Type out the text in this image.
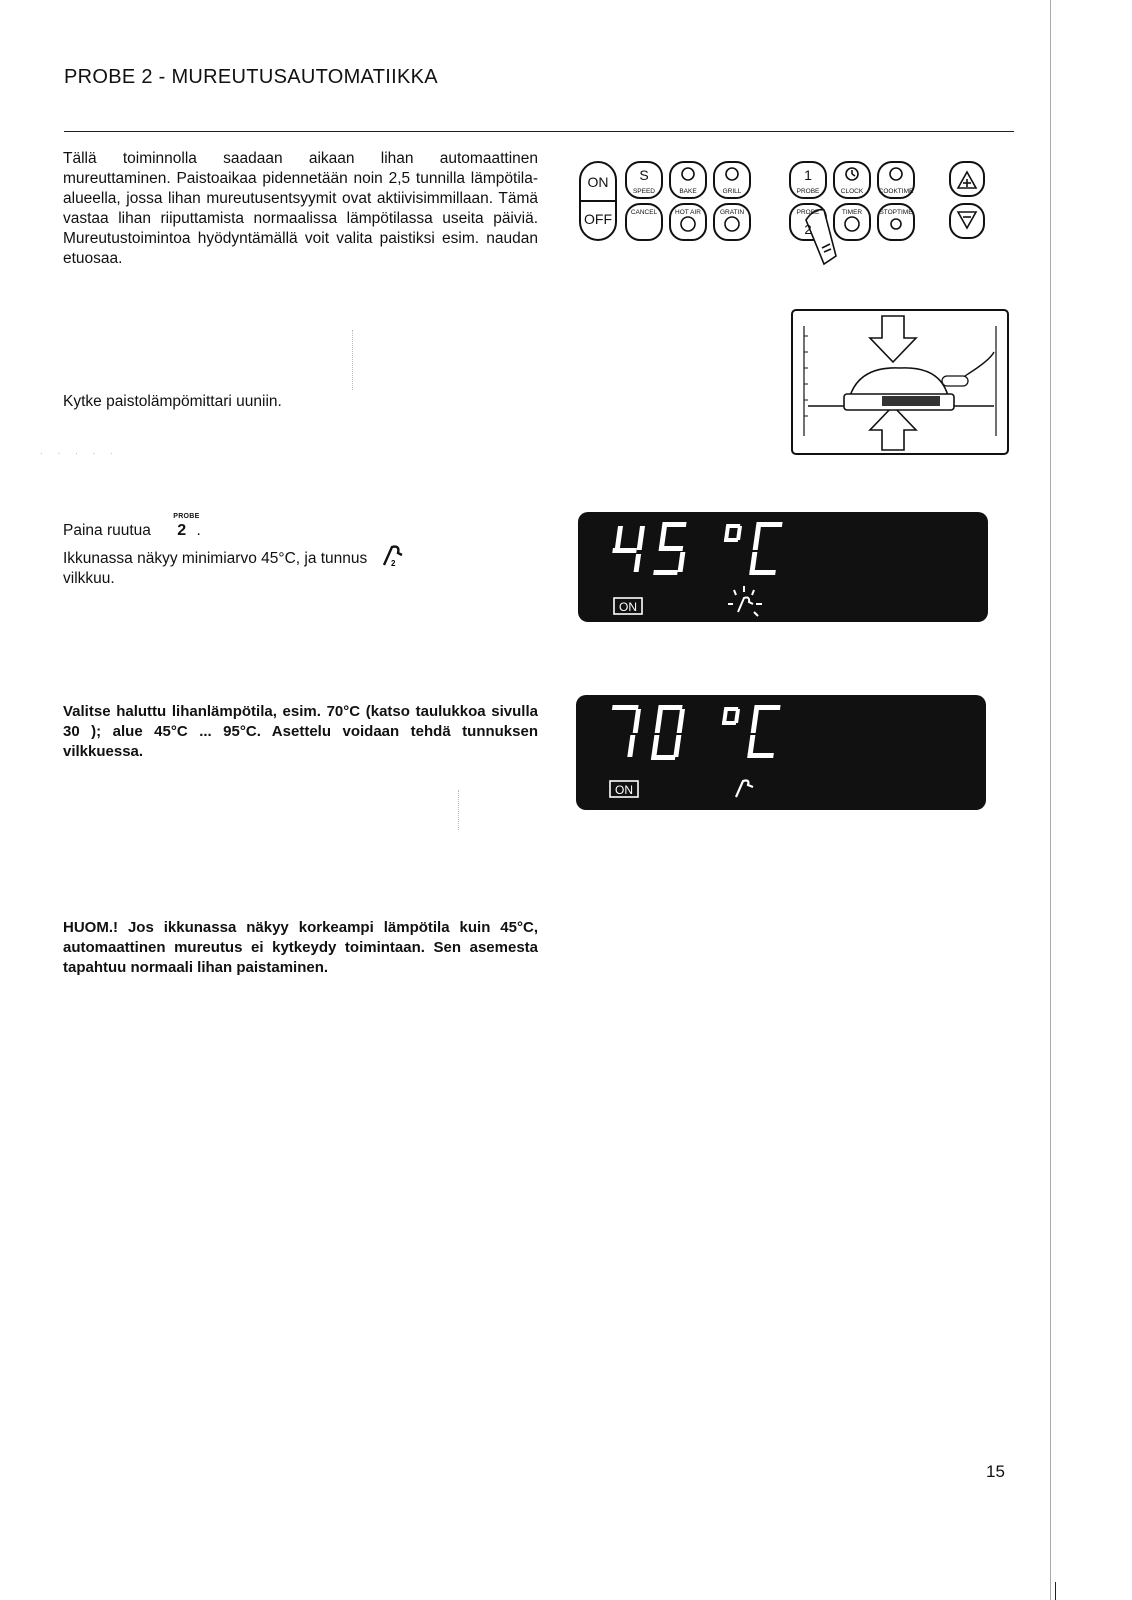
PROBE 2 - MUREUTUSAUTOMATIIKKA
. . . . .
Tällä toiminnolla saadaan aikaan lihan automaattinen mureuttaminen. Paistoaikaa pidennetään noin 2,5 tunnilla lämpötila-alueella, jossa lihan mureutusentsyymit ovat aktiivisimmillaan. Tämä vastaa lihan riiputtamista normaalissa lämpötilassa useita päiviä. Mureutustoimintoa hyödyntämällä voit valita paistiksi esim. naudan etuosaa.
Kytke paistolämpömittari uuniin.
Paina ruutua
PROBE
2 .
Ikkunassa näkyy minimiarvo 45°C, ja tunnus	2
vilkkuu.
Valitse haluttu lihanlämpötila, esim. 70°C (katso taulukkoa sivulla 30 ); alue 45°C ... 95°C. Asettelu voidaan tehdä tunnuksen vilkkuessa.
HUOM.! Jos ikkunassa näkyy korkeampi lämpötila kuin 45°C, automaattinen mureutus ei kytkeydy toimintaan. Sen asemesta tapahtuu normaali lihan paistaminen.
15
ON
OFF
S	1
2
SPEED	BAKE	GRILL	PROBE	CLOCK COOKTIME
CANCEL	HOT AIR	GRATIN	PROBE	TIMER	STOPTIME
ON
ON
